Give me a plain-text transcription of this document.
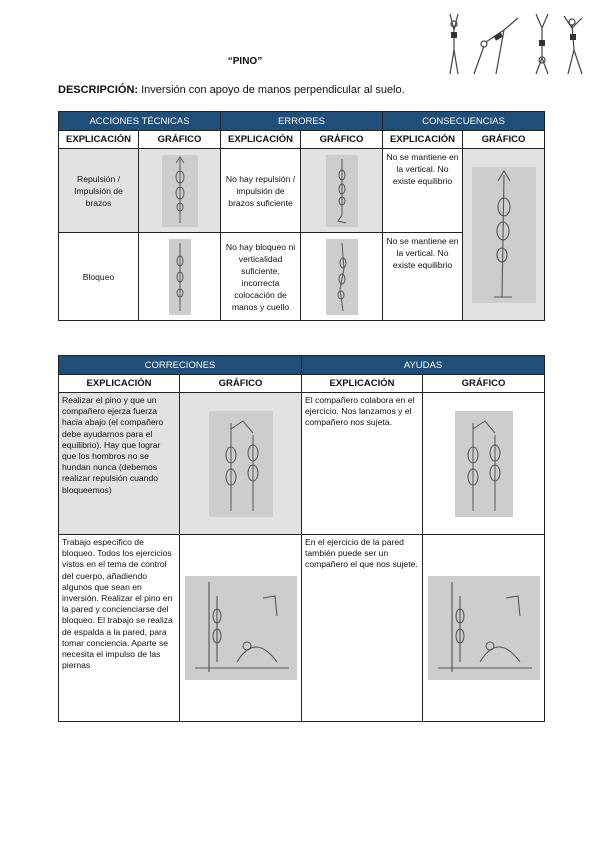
“PINO”
DESCRIPCIÓN: Inversión con apoyo de manos perpendicular al suelo.
ACCIONES TÉCNICAS		ERRORES		CONSECUENCIAS	
EXPLICACIÓN	GRÁFICO	EXPLICACIÓN	GRÁFICO	EXPLICACIÓN	GRÁFICO
Repulsión / Impulsión de brazos		No hay repulsión / impulsión de brazos suficiente		No se mantiene en la vertical. No existe equilibrio	

Bloqueo		No hay bloqueo ni verticalidad suficiente, incorrecta colocación de manos y cuello		No se mantiene en la vertical. No existe equilibrio	
CORRECIONES		AYUDAS	
EXPLICACIÓN	GRÁFICO	EXPLICACIÓN	GRÁFICO
Realizar el pino y que un compañero ejerza fuerza hacia abajo (el compañero debe ayudarnos para el equilibrio). Hay que lograr que los hombros no se hundan nunca (debemos realizar repulsión cuando bloqueemos)		El compañero colabora en el ejercicio. Nos lanzamos y el compañero nos sujeta.	

Trabajo específico de bloqueo. Todos los ejercicios vistos en el tema de control del cuerpo, añadiendo algunos que sean en inversión. Realizar el pino en la pared y concienciarse del bloqueo. El trabajo se realiza de espalda a la pared, para tomar conciencia. Aparte se necesita el impulso de las piernas		En el ejercicio de la pared también puede ser un compañero el que nos sujete.	
